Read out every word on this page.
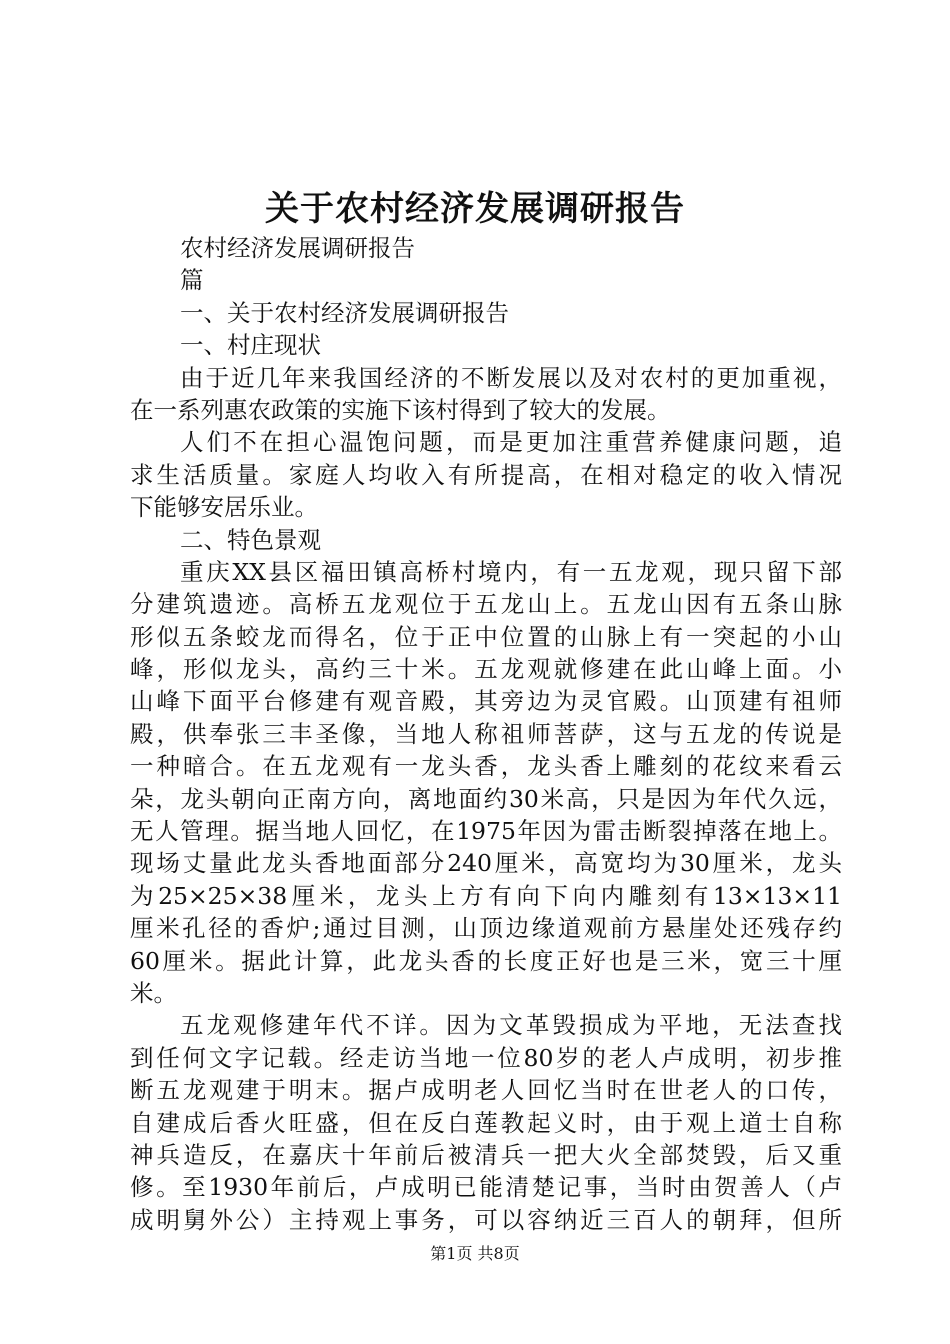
关于农村经济发展调研报告
农村经济发展调研报告
篇
一、关于农村经济发展调研报告
一、村庄现状
由于近几年来我国经济的不断发展以及对农村的更加重视，
在一系列惠农政策的实施下该村得到了较大的发展。
人们不在担心温饱问题，而是更加注重营养健康问题，追
求生活质量。家庭人均收入有所提高，在相对稳定的收入情况
下能够安居乐业。
二、特色景观
重庆XX县区福田镇高桥村境内，有一五龙观，现只留下部
分建筑遗迹。高桥五龙观位于五龙山上。五龙山因有五条山脉
形似五条蛟龙而得名，位于正中位置的山脉上有一突起的小山
峰，形似龙头，高约三十米。五龙观就修建在此山峰上面。小
山峰下面平台修建有观音殿，其旁边为灵官殿。山顶建有祖师
殿，供奉张三丰圣像，当地人称祖师菩萨，这与五龙的传说是
一种暗合。在五龙观有一龙头香，龙头香上雕刻的花纹来看云
朵，龙头朝向正南方向，离地面约30米高，只是因为年代久远，
无人管理。据当地人回忆，在1975年因为雷击断裂掉落在地上。
现场丈量此龙头香地面部分240厘米，高宽均为30厘米，龙头
为25×25×38厘米，龙头上方有向下向内雕刻有13×13×11
厘米孔径的香炉;通过目测，山顶边缘道观前方悬崖处还残存约
60厘米。据此计算，此龙头香的长度正好也是三米，宽三十厘
米。
五龙观修建年代不详。因为文革毁损成为平地，无法查找
到任何文字记载。经走访当地一位80岁的老人卢成明，初步推
断五龙观建于明末。据卢成明老人回忆当时在世老人的口传，
自建成后香火旺盛，但在反白莲教起义时，由于观上道士自称
神兵造反，在嘉庆十年前后被清兵一把大火全部焚毁，后又重
修。至1930年前后，卢成明已能清楚记事，当时由贺善人（卢
成明舅外公）主持观上事务，可以容纳近三百人的朝拜，但所
第1页 共8页
